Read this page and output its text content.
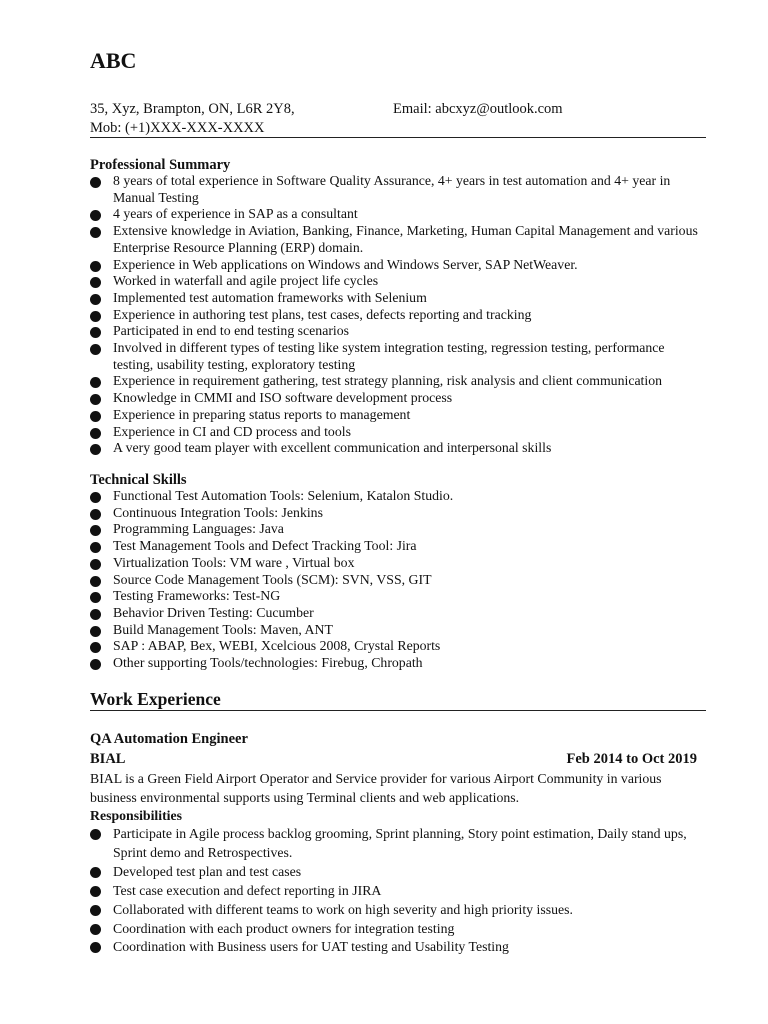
ABC
35, Xyz, Brampton, ON, L6R 2Y8,	Email: abcxyz@outlook.com
Mob: (+1)XXX-XXX-XXXX
Professional Summary
8 years of total experience in Software Quality Assurance, 4+ years in test automation and 4+ year in Manual Testing
4 years of experience in SAP as a consultant
Extensive knowledge in Aviation, Banking, Finance, Marketing, Human Capital Management and various Enterprise Resource Planning (ERP) domain.
Experience in Web applications on Windows and Windows Server, SAP NetWeaver.
Worked in waterfall and agile project life cycles
Implemented test automation frameworks with Selenium
Experience in authoring test plans, test cases, defects reporting and tracking
Participated in end to end testing scenarios
Involved in different types of testing like system integration testing, regression testing, performance testing, usability testing, exploratory testing
Experience in requirement gathering, test strategy planning, risk analysis and client communication
Knowledge in CMMI and ISO software development process
Experience in preparing status reports to management
Experience in CI and CD process and tools
A very good team player with excellent communication and interpersonal skills
Technical Skills
Functional Test Automation Tools: Selenium, Katalon Studio.
Continuous Integration Tools: Jenkins
Programming Languages: Java
Test Management Tools and Defect Tracking Tool: Jira
Virtualization Tools: VM ware , Virtual box
Source Code Management Tools (SCM): SVN, VSS, GIT
Testing Frameworks: Test-NG
Behavior Driven Testing: Cucumber
Build Management Tools: Maven, ANT
SAP : ABAP, Bex, WEBI, Xcelcious 2008, Crystal Reports
Other supporting Tools/technologies: Firebug, Chropath
Work Experience
QA Automation Engineer
BIAL	Feb 2014 to Oct 2019

BIAL is a Green Field Airport Operator and Service provider for various Airport Community in various business environmental supports using Terminal clients and web applications.

Responsibilities
Participate in Agile process backlog grooming, Sprint planning, Story point estimation, Daily stand ups, Sprint demo and Retrospectives.
Developed test plan and test cases
Test case execution and defect reporting in JIRA
Collaborated with different teams to work on high severity and high priority issues.
Coordination with each product owners for integration testing
Coordination with Business users for UAT testing and Usability Testing
